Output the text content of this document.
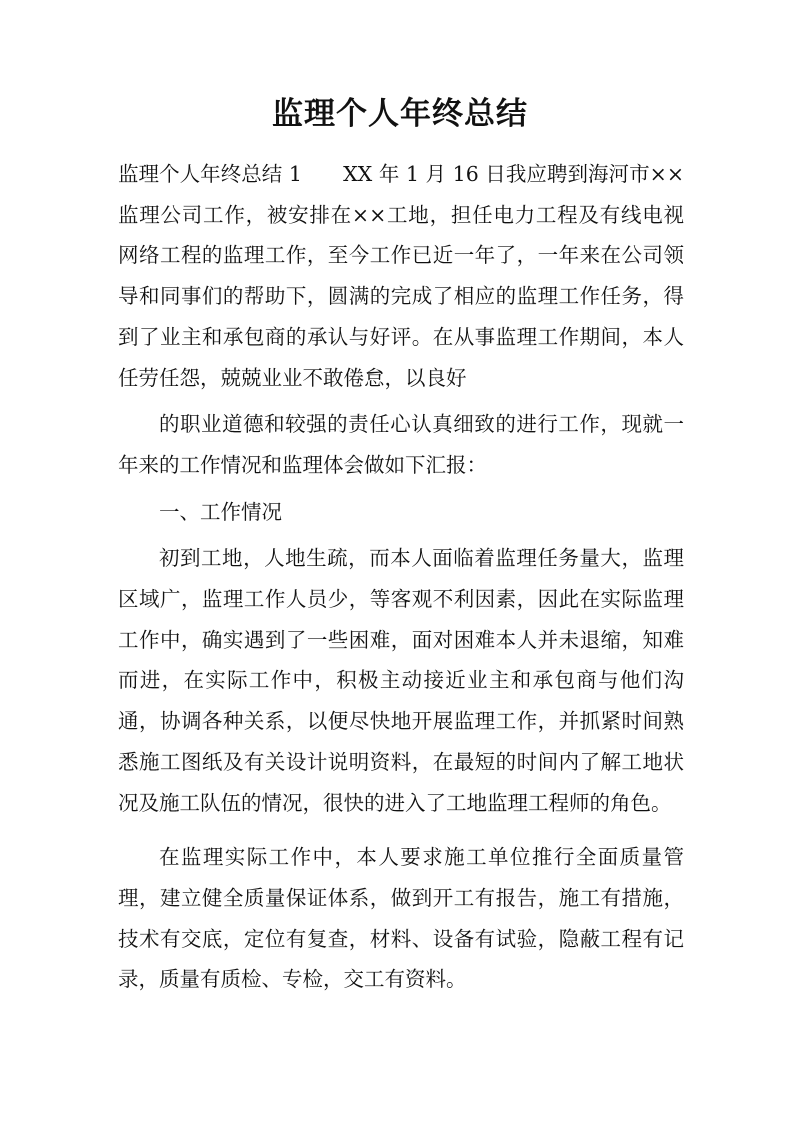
监理个人年终总结

监理个人年终总结 1　　XX 年 1 月 16 日我应聘到海河市××监理公司工作，被安排在××工地，担任电力工程及有线电视网络工程的监理工作，至今工作已近一年了，一年来在公司领导和同事们的帮助下，圆满的完成了相应的监理工作任务，得到了业主和承包商的承认与好评。在从事监理工作期间，本人任劳任怨，兢兢业业不敢倦怠，以良好

的职业道德和较强的责任心认真细致的进行工作，现就一年来的工作情况和监理体会做如下汇报：

一、工作情况

初到工地，人地生疏，而本人面临着监理任务量大，监理区域广，监理工作人员少，等客观不利因素，因此在实际监理工作中，确实遇到了一些困难，面对困难本人并未退缩，知难而进，在实际工作中，积极主动接近业主和承包商与他们沟通，协调各种关系，以便尽快地开展监理工作，并抓紧时间熟悉施工图纸及有关设计说明资料，在最短的时间内了解工地状况及施工队伍的情况，很快的进入了工地监理工程师的角色。

在监理实际工作中，本人要求施工单位推行全面质量管理，建立健全质量保证体系，做到开工有报告，施工有措施，技术有交底，定位有复查，材料、设备有试验，隐蔽工程有记录，质量有质检、专检，交工有资料。
